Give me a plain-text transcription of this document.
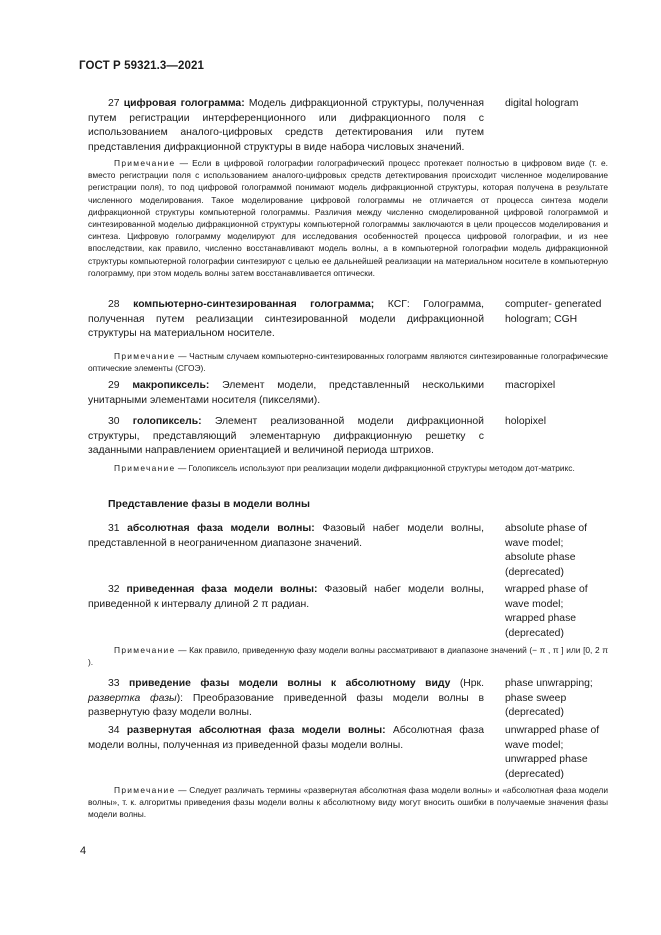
ГОСТ Р 59321.3—2021

27 цифровая голограмма: Модель дифракционной структуры, полученная путем регистрации интерференционного или дифракционного поля с использованием аналого-цифровых средств детектирования или путем представления дифракционной структуры в виде набора числовых значений.

digital hologram

Примечание — Если в цифровой голографии голографический процесс протекает полностью в цифровом виде (т. е. вместо регистрации поля с использованием аналого-цифровых средств детектирования происходит численное моделирование регистрации поля), то под цифровой голограммой понимают модель дифракционной структуры, которая получена в результате численного моделирования. Такое моделирование цифровой голограммы не отличается от процесса синтеза модели дифракционной структуры компьютерной голограммы. Различия между численно смоделированной цифровой голограммой и синтезированной моделью дифракционной структуры компьютерной голограммы заключаются в цели процессов моделирования и синтеза. Цифровую голограмму моделируют для исследования особенностей процесса цифровой голографии, и из нее впоследствии, как правило, численно восстанавливают модель волны, а в компьютерной голографии модель дифракционной структуры компьютерной голографии синтезируют с целью ее дальнейшей реализации на материальном носителе в компьютерную голограмму, при этом модель волны затем восстанавливается оптически.

28 компьютерно-синтезированная голограмма; КСГ: Голограмма, полученная путем реализации синтезированной модели дифракционной структуры на материальном носителе.

computer- generated
hologram; CGH

Примечание — Частным случаем компьютерно-синтезированных голограмм являются синтезированные голографические оптические элементы (СГОЭ).

29 макропиксель: Элемент модели, представленный несколькими унитарными элементами носителя (пикселями).

macropixel

30 голопиксель: Элемент реализованной модели дифракционной структуры, представляющий элементарную дифракционную решетку с заданными направлением ориентацией и величиной периода штрихов.

holopixel

Примечание — Голопиксель используют при реализации модели дифракционной структуры методом дот-матрикс.

Представление фазы в модели волны

31 абсолютная фаза модели волны: Фазовый набег модели волны, представленной в неограниченном диапазоне значений.

absolute phase of
wave model;
absolute phase
(deprecated)

32 приведенная фаза модели волны: Фазовый набег модели волны, приведенной к интервалу длиной 2 π радиан.

wrapped phase of
wave model;
wrapped phase
(deprecated)

Примечание — Как правило, приведенную фазу модели волны рассматривают в диапазоне значений (− π , π ] или [0, 2 π ).

33 приведение фазы модели волны к абсолютному виду (Нрк. развертка фазы): Преобразование приведенной фазы модели волны в развернутую фазу модели волны.

phase unwrapping;
phase sweep
(deprecated)

34 развернутая абсолютная фаза модели волны: Абсолютная фаза модели волны, полученная из приведенной фазы модели волны.

unwrapped phase of
wave model;
unwrapped phase
(deprecated)

Примечание — Следует различать термины «развернутая абсолютная фаза модели волны» и «абсолютная фаза модели волны», т. к. алгоритмы приведения фазы модели волны к абсолютному виду могут вносить ошибки в получаемые значения фазы модели волны.

4
